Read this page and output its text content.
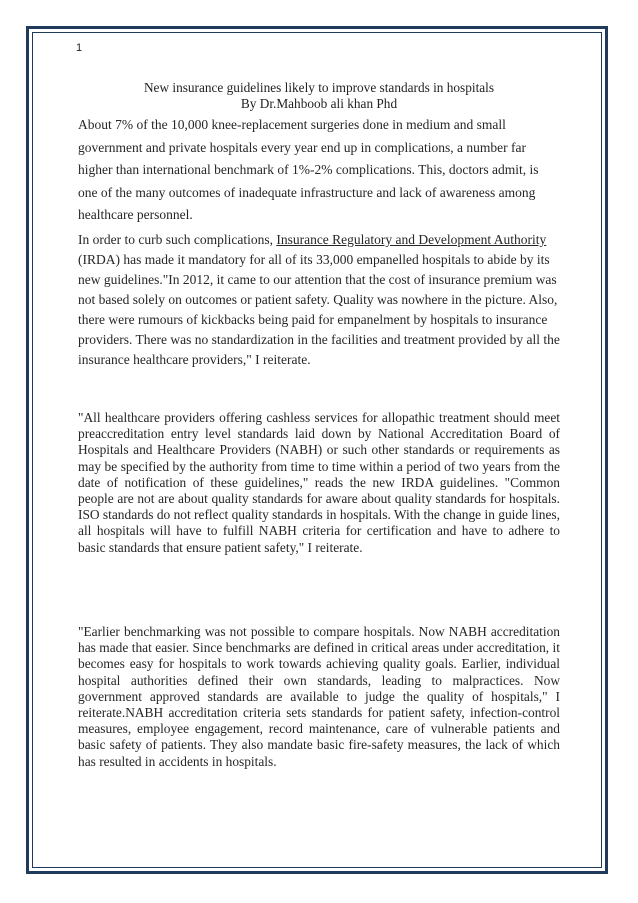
1
New insurance guidelines likely to improve standards in hospitals
By Dr.Mahboob ali khan Phd
About 7% of the 10,000 knee-replacement surgeries done in medium and small government and private hospitals every year end up in complications, a number far higher than international benchmark of 1%-2% complications. This, doctors admit, is one of the many outcomes of inadequate infrastructure and lack of awareness among healthcare personnel.
In order to curb such complications, Insurance Regulatory and Development Authority (IRDA) has made it mandatory for all of its 33,000 empanelled hospitals to abide by its new guidelines."In 2012, it came to our attention that the cost of insurance premium was not based solely on outcomes or patient safety. Quality was nowhere in the picture. Also, there were rumours of kickbacks being paid for empanelment by hospitals to insurance providers. There was no standardization in the facilities and treatment provided by all the insurance healthcare providers," I reiterate.
"All healthcare providers offering cashless services for allopathic treatment should meet preaccreditation entry level standards laid down by National Accreditation Board of Hospitals and Healthcare Providers (NABH) or such other standards or requirements as may be specified by the authority from time to time within a period of two years from the date of notification of these guidelines," reads the new IRDA guidelines. "Common people are not are about quality standards for aware about quality standards for hospitals. ISO standards do not reflect quality standards in hospitals. With the change in guide lines, all hospitals will have to fulfill NABH criteria for certification and have to adhere to basic standards that ensure patient safety," I reiterate.
"Earlier benchmarking was not possible to compare hospitals. Now NABH accreditation has made that easier. Since benchmarks are defined in critical areas under accreditation, it becomes easy for hospitals to work towards achieving quality goals. Earlier, individual hospital authorities defined their own standards, leading to malpractices. Now government approved standards are available to judge the quality of hospitals," I reiterate.NABH accreditation criteria sets standards for patient safety, infection-control measures, employee engagement, record maintenance, care of vulnerable patients and basic safety of patients. They also mandate basic fire-safety measures, the lack of which has resulted in accidents in hospitals.
